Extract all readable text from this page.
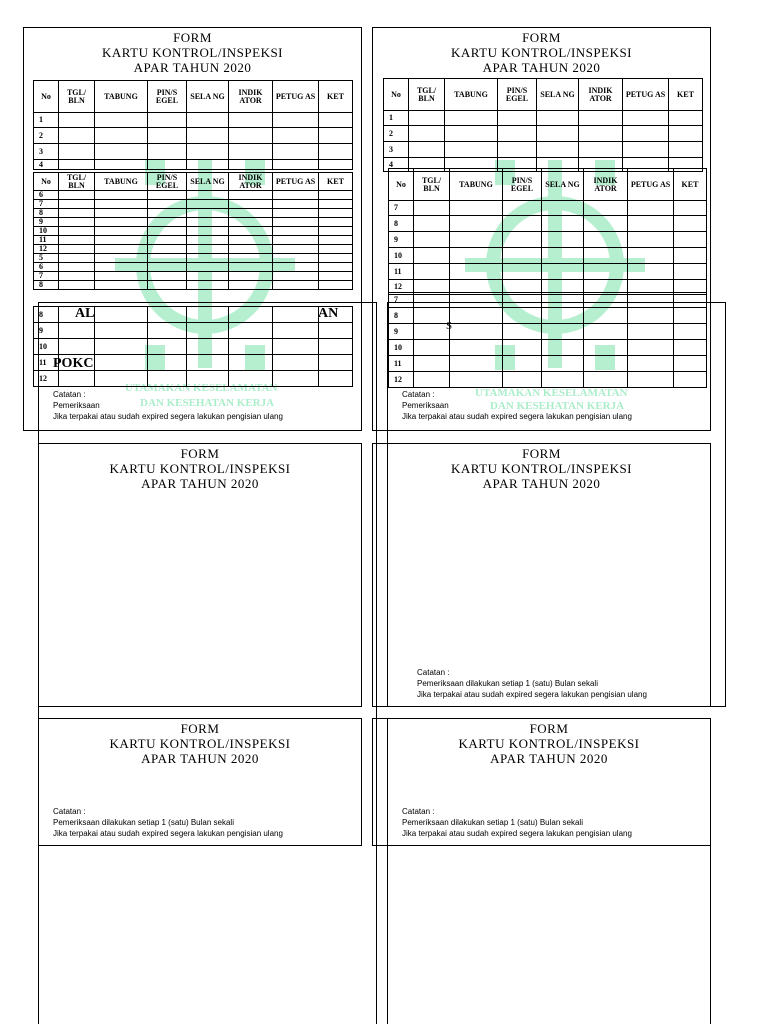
UTAMAKAN KESELAMATAN
DAN KESEHATAN KERJA
UTAMAKAN KESELAMATAN
DAN KESEHATAN KERJA
FORM
KARTU KONTROL/INSPEKSI
APAR TAHUN 2020
No	TGL/ BLN	TABUNG	PIN/S EGEL	SELA NG	INDIK ATOR	PETUG AS	KET
1							
2							
3							
4							
No	TGL/ BLN	TABUNG	PIN/S EGEL	SELA NG	INDIK ATOR	PETUG AS	KET
6							
7							
8							
9							
10							
11							
12							
5							
6							
7							
8							
8							
9							
10							
11							
12							
AL	AN
POKC
Catatan :
Pemeriksaan
Jika terpakai atau sudah expired segera lakukan pengisian ulang
FORM
KARTU KONTROL/INSPEKSI
APAR TAHUN 2020
No	TGL/ BLN	TABUNG	PIN/S EGEL	SELA NG	INDIK ATOR	PETUG AS	KET
1							
2							
3							
4							
No	TGL/ BLN	TABUNG	PIN/S EGEL	SELA NG	INDIK ATOR	PETUG AS	KET
7							
8							
9							
10							
11							
12							
7							
8							
9							
10							
11							
12							
S
Catatan :
Pemeriksaan
Jika terpakai atau sudah expired segera lakukan pengisian ulang
FORM
KARTU KONTROL/INSPEKSI
APAR TAHUN 2020
FORM
KARTU KONTROL/INSPEKSI
APAR TAHUN 2020
Catatan :
Pemeriksaan dilakukan setiap 1 (satu) Bulan sekali
Jika terpakai atau sudah expired segera lakukan pengisian ulang
FORM
KARTU KONTROL/INSPEKSI
APAR TAHUN 2020
Catatan :
Pemeriksaan dilakukan setiap 1 (satu) Bulan sekali
Jika terpakai atau sudah expired segera lakukan pengisian ulang
FORM
KARTU KONTROL/INSPEKSI
APAR TAHUN 2020
Catatan :
Pemeriksaan dilakukan setiap 1 (satu) Bulan sekali
Jika terpakai atau sudah expired segera lakukan pengisian ulang
